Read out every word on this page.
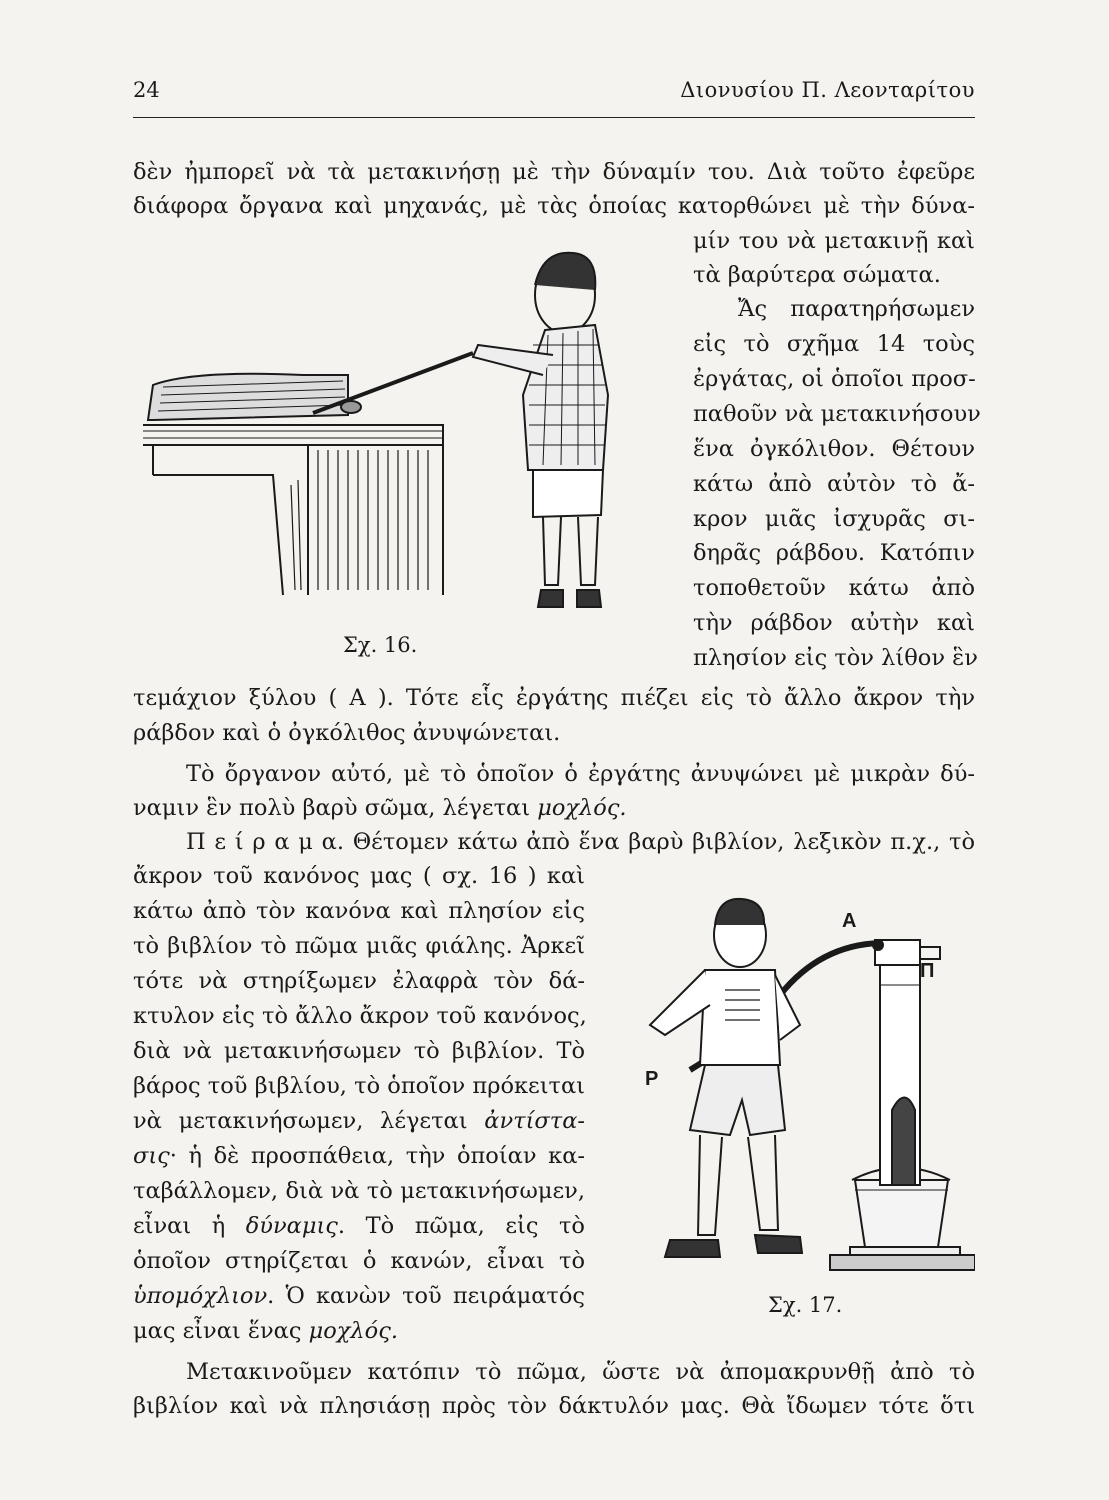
24	Διονυσίου Π. Λεονταρίτου
δὲν ἠμπορεῖ νὰ τὰ μετακινήσῃ μὲ τὴν δύναμίν του. Διὰ τοῦτο ἐφεῦρε
διάφορα ὄργανα καὶ μηχανάς, μὲ τὰς ὁποίας κατορθώνει μὲ τὴν δύνα-
μίν του νὰ μετακινῇ καὶ
τὰ βαρύτερα σώματα.
Ἄς παρατηρήσωμεν
εἰς τὸ σχῆμα 14 τοὺς
ἐργάτας, οἱ ὁποῖοι προσ-
παθοῦν νὰ μετακινήσουν
ἕνα ὀγκόλιθον. Θέτουν
κάτω ἀπὸ αὐτὸν τὸ ἄ-
κρον μιᾶς ἰσχυρᾶς σι-
δηρᾶς ράβδου. Κατόπιν
τοποθετοῦν κάτω ἀπὸ
τὴν ράβδον αὐτὴν καὶ
πλησίον εἰς τὸν λίθον ἓν
Σχ. 16.
τεμάχιον ξύλου ( Α ). Τότε εἷς ἐργάτης πιέζει εἰς τὸ ἄλλο ἄκρον τὴν
ράβδον καὶ ὁ ὀγκόλιθος ἀνυψώνεται.
Τὸ ὄργανον αὐτό, μὲ τὸ ὁποῖον ὁ ἐργάτης ἀνυψώνει μὲ μικρὰν δύ-
ναμιν ἓν πολὺ βαρὺ σῶμα, λέγεται μοχλός.
Π ε ί ρ α μ α. Θέτομεν κάτω ἀπὸ ἕνα βαρὺ βιβλίον, λεξικὸν π.χ., τὸ
ἄκρον τοῦ κανόνος μας ( σχ. 16 ) καὶ
κάτω ἀπὸ τὸν κανόνα καὶ πλησίον εἰς
τὸ βιβλίον τὸ πῶμα μιᾶς φιάλης. Ἀρκεῖ
τότε νὰ στηρίξωμεν ἐλαφρὰ τὸν δά-
κτυλον εἰς τὸ ἄλλο ἄκρον τοῦ κανόνος,
διὰ νὰ μετακινήσωμεν τὸ βιβλίον. Τὸ
βάρος τοῦ βιβλίου, τὸ ὁποῖον πρόκειται
νὰ μετακινήσωμεν, λέγεται ἀντίστα-
σις· ἡ δὲ προσπάθεια, τὴν ὁποίαν κα-
ταβάλλομεν, διὰ νὰ τὸ μετακινήσωμεν,
εἶναι ἡ δύναμις. Τὸ πῶμα, εἰς τὸ
ὁποῖον στηρίζεται ὁ κανών, εἶναι τὸ
ὑπομόχλιον. Ὁ κανὼν τοῦ πειράματός
μας εἶναι ἕνας μοχλός.
Α
Π
Ρ
Σχ. 17.
Μετακινοῦμεν κατόπιν τὸ πῶμα, ὥστε νὰ ἀπομακρυνθῇ ἀπὸ τὸ
βιβλίον καὶ νὰ πλησιάσῃ πρὸς τὸν δάκτυλόν μας. Θὰ ἴδωμεν τότε ὅτι
